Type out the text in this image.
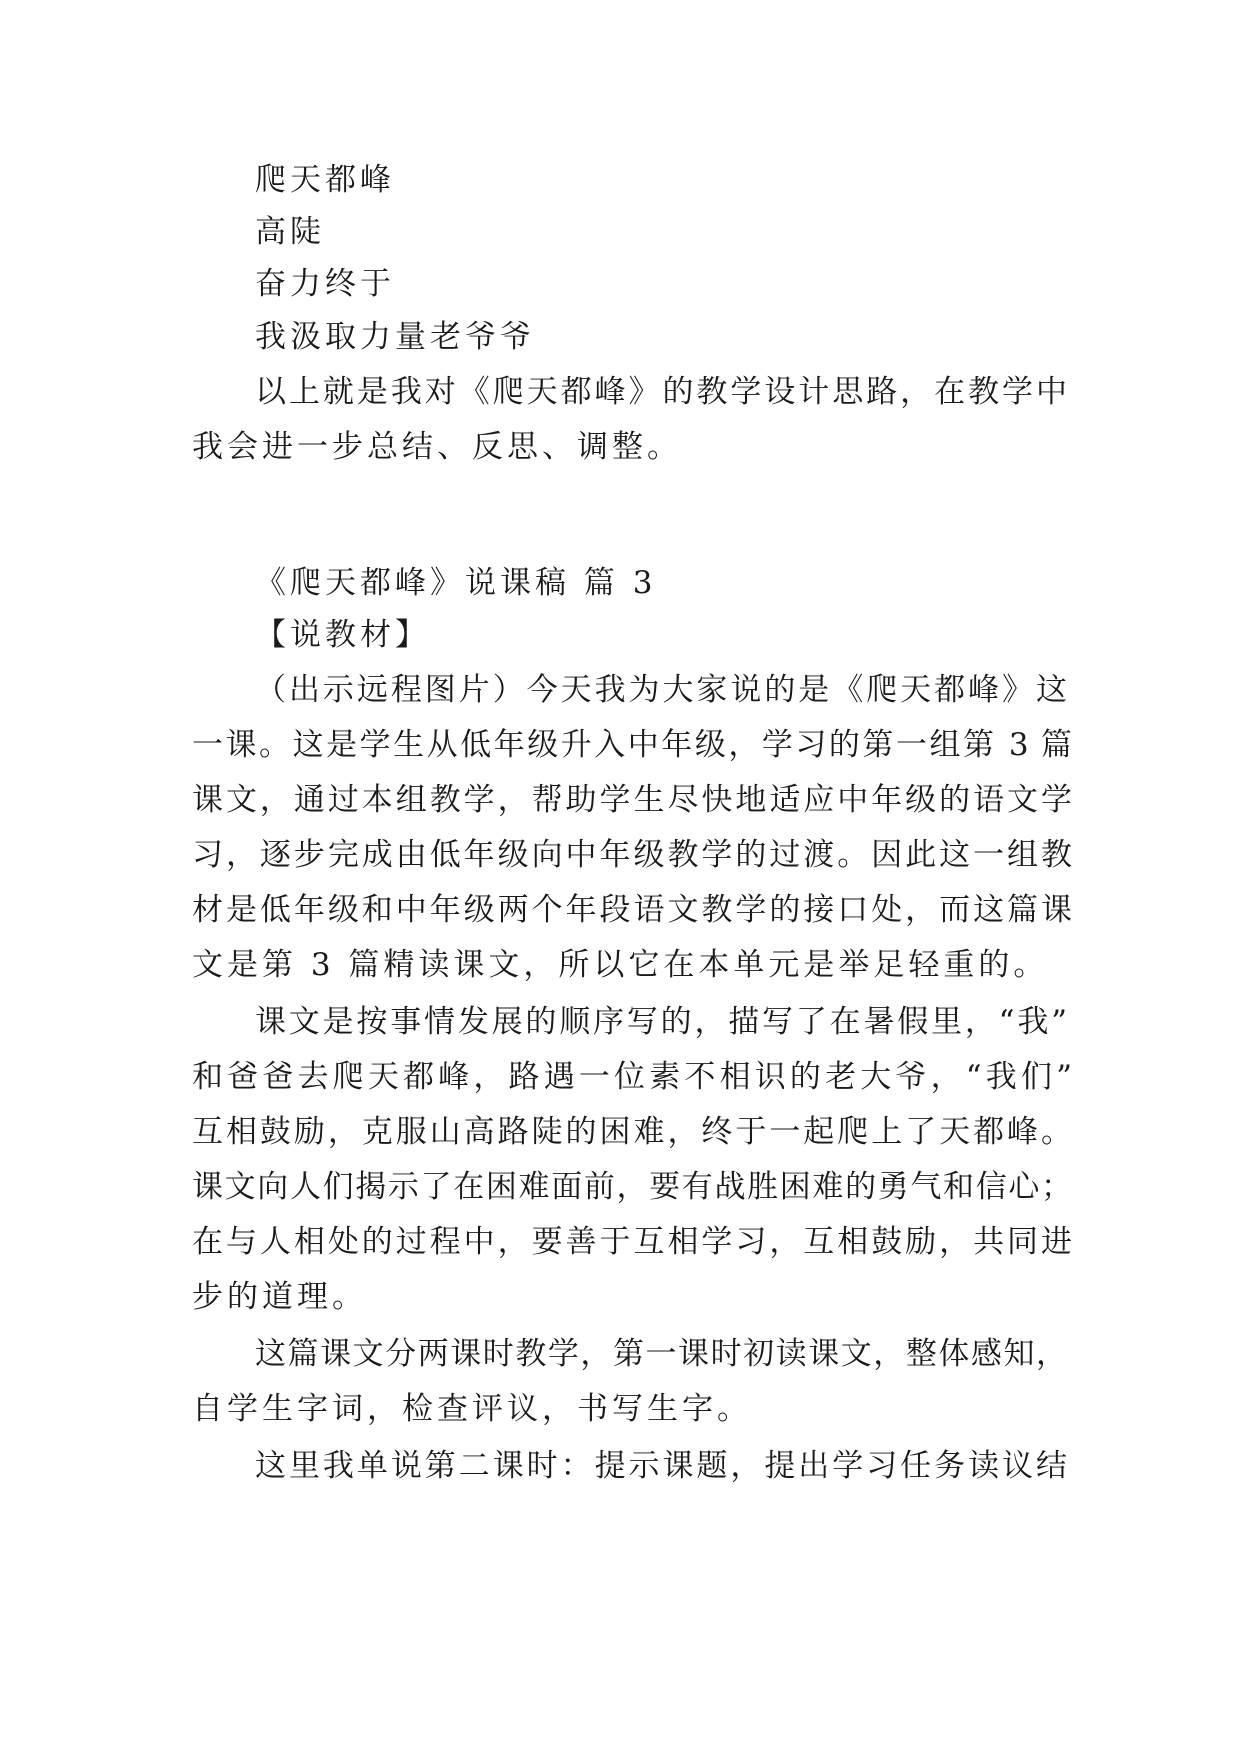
爬天都峰
高陡
奋力终于
我汲取力量老爷爷
以上就是我对《爬天都峰》的教学设计思路，在教学中
我会进一步总结、反思、调整。
《爬天都峰》说课稿 篇 3
【说教材】
（出示远程图片）今天我为大家说的是《爬天都峰》这
一课。这是学生从低年级升入中年级，学习的第一组第 3 篇
课文，通过本组教学，帮助学生尽快地适应中年级的语文学
习，逐步完成由低年级向中年级教学的过渡。因此这一组教
材是低年级和中年级两个年段语文教学的接口处，而这篇课
文是第 3 篇精读课文，所以它在本单元是举足轻重的。
课文是按事情发展的顺序写的，描写了在暑假里，“我”
和爸爸去爬天都峰，路遇一位素不相识的老大爷，“我们”
互相鼓励，克服山高路陡的困难，终于一起爬上了天都峰。
课文向人们揭示了在困难面前，要有战胜困难的勇气和信心；
在与人相处的过程中，要善于互相学习，互相鼓励，共同进
步的道理。
这篇课文分两课时教学，第一课时初读课文，整体感知，
自学生字词，检查评议，书写生字。
这里我单说第二课时：提示课题，提出学习任务读议结
